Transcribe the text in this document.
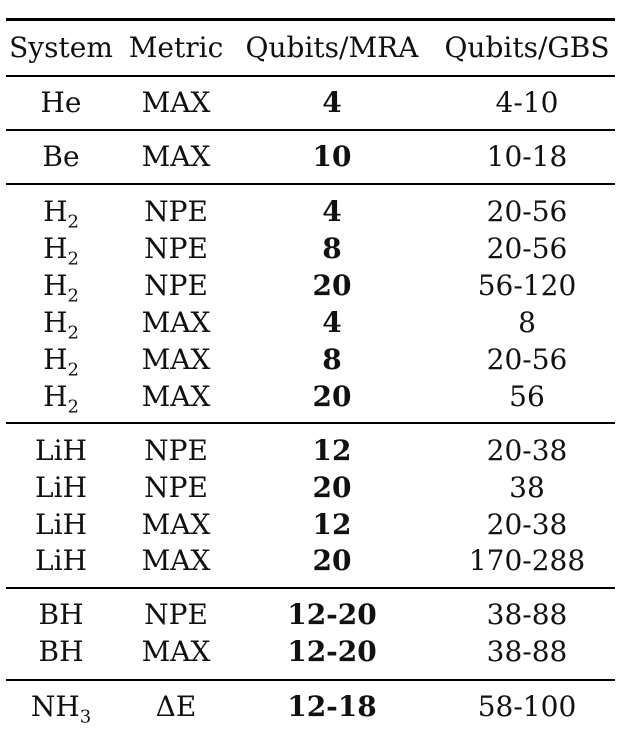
System Metric Qubits/MRA Qubits/GBS
He	MAX	4	4-10
Be	MAX	10	10-18
$H_2$	NPE	4	20-56
$H_2$	NPE	8	20-56
$H_2$	NPE	20	56-120
$H_2$	MAX	4	8
$H_2$	MAX	8	20-56
$H_2$	MAX	20	56
LiH	NPE	12	20-38
LiH	NPE	20	38
LiH	MAX	12	20-38
LiH	MAX	20	170-288
BH	NPE	12-20	38-88
BH	MAX	12-20	38-88
$NH_3$	ΔE	12-18	58-100
